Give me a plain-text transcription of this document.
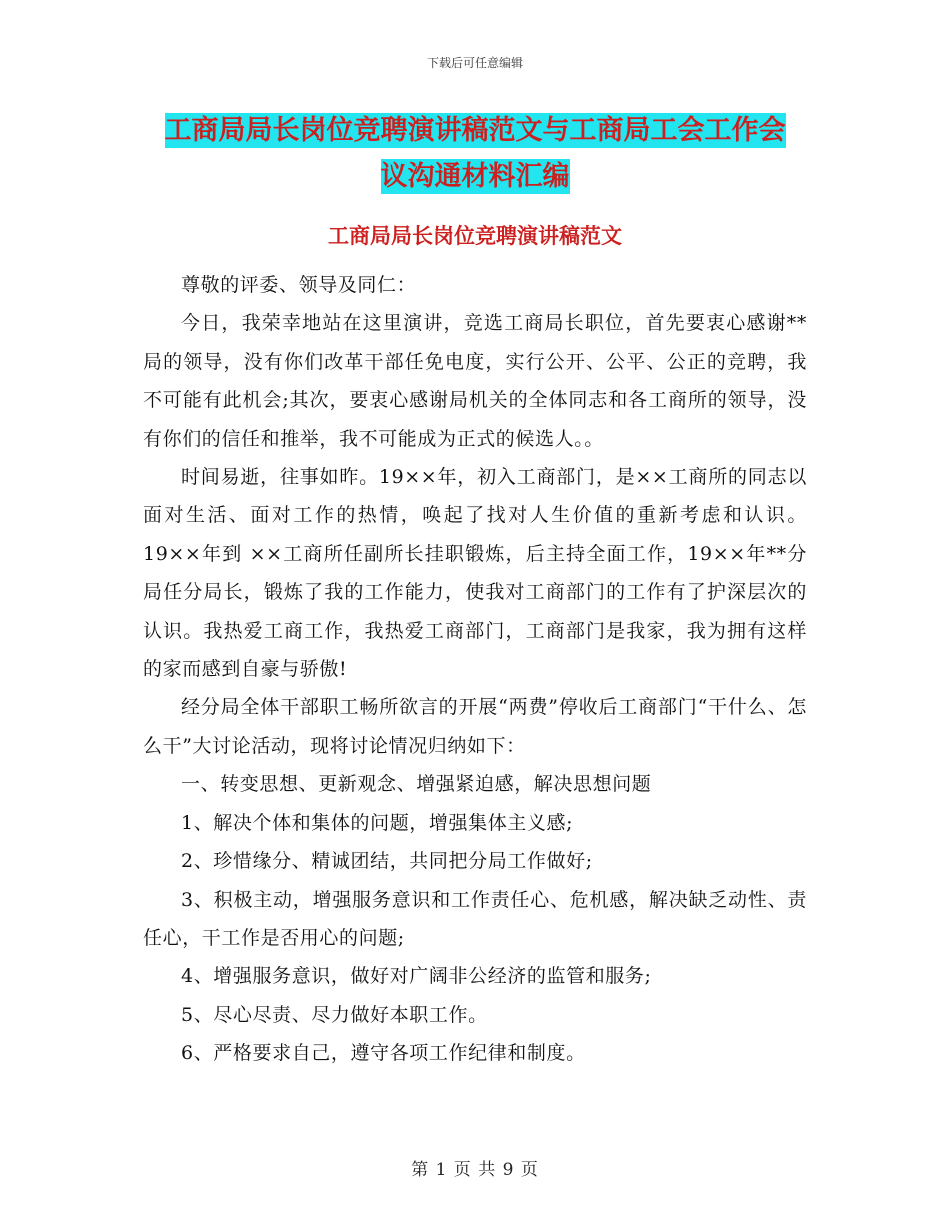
下载后可任意编辑
工商局局长岗位竞聘演讲稿范文与工商局工会工作会
议沟通材料汇编
工商局局长岗位竞聘演讲稿范文

尊敬的评委、领导及同仁：

今日，我荣幸地站在这里演讲，竞选工商局长职位，首先要衷心感谢**局的领导，没有你们改革干部任免电度，实行公开、公平、公正的竞聘，我不可能有此机会;其次，要衷心感谢局机关的全体同志和各工商所的领导，没有你们的信任和推举，我不可能成为正式的候选人。。

时间易逝，往事如昨。19××年，初入工商部门，是××工商所的同志以面对生活、面对工作的热情，唤起了找对人生价值的重新考虑和认识。19××年到 ××工商所任副所长挂职锻炼，后主持全面工作，19××年**分局任分局长，锻炼了我的工作能力，使我对工商部门的工作有了护深层次的认识。我热爱工商工作，我热爱工商部门，工商部门是我家，我为拥有这样的家而感到自豪与骄傲!

经分局全体干部职工畅所欲言的开展“两费”停收后工商部门“干什么、怎么干”大讨论活动，现将讨论情况归纳如下：

一、转变思想、更新观念、增强紧迫感，解决思想问题

1、解决个体和集体的问题，增强集体主义感;

2、珍惜缘分、精诚团结，共同把分局工作做好;

3、积极主动，增强服务意识和工作责任心、危机感，解决缺乏动性、责任心，干工作是否用心的问题;

4、增强服务意识，做好对广阔非公经济的监管和服务;

5、尽心尽责、尽力做好本职工作。

6、严格要求自己，遵守各项工作纪律和制度。

第 1 页 共 9 页
